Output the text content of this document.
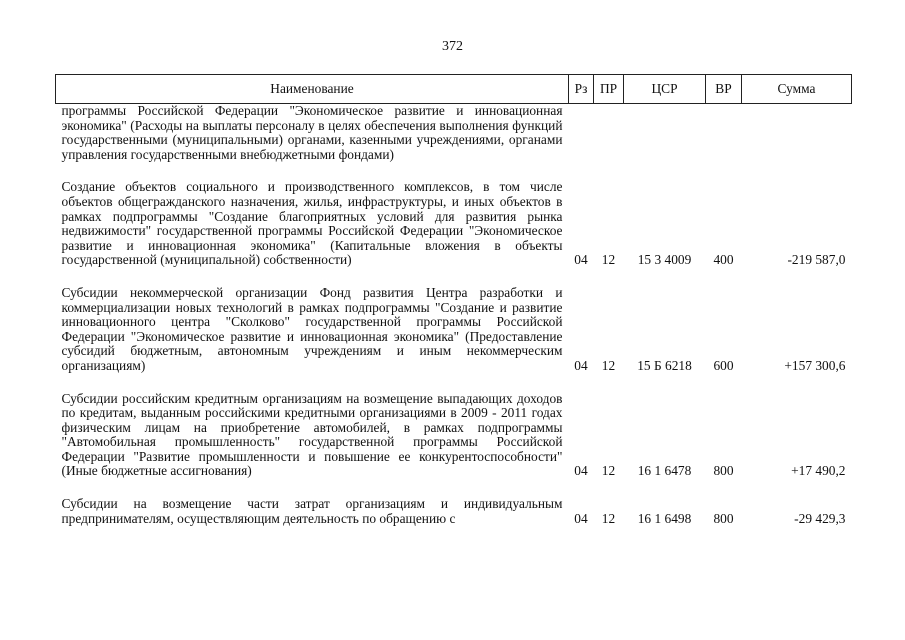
372
Наименование	Рз	ПР	ЦСР	ВР	Сумма
программы Российской Федерации "Экономическое развитие и инновационная экономика" (Расходы на выплаты персоналу в целях обеспечения выполнения функций государственными (муниципальными) органами, казенными учреждениями, органами управления государственными внебюджетными фондами)					
Создание объектов социального и производственного комплексов, в том числе объектов общегражданского назначения, жилья, инфраструктуры, и иных объектов в рамках подпрограммы "Создание благоприятных условий для развития рынка недвижимости" государственной программы Российской Федерации "Экономическое развитие и инновационная экономика" (Капитальные вложения в объекты государственной (муниципальной) собственности)	04	12	15 3 4009	400	-219 587,0
Субсидии некоммерческой организации Фонд развития Центра разработки и коммерциализации новых технологий в рамках подпрограммы "Создание и развитие инновационного центра "Сколково" государственной программы Российской Федерации "Экономическое развитие и инновационная экономика" (Предоставление субсидий бюджетным, автономным учреждениям и иным некоммерческим организациям)	04	12	15 Б 6218	600	+157 300,6
Субсидии российским кредитным организациям на возмещение выпадающих доходов по кредитам, выданным российскими кредитными организациями в 2009 - 2011 годах физическим лицам на приобретение автомобилей, в рамках подпрограммы "Автомобильная промышленность" государственной программы Российской Федерации "Развитие промышленности и повышение ее конкурентоспособности" (Иные бюджетные ассигнования)	04	12	16 1 6478	800	+17 490,2
Субсидии на возмещение части затрат организациям и индивидуальным предпринимателям, осуществляющим деятельность по обращению с	04	12	16 1 6498	800	-29 429,3
